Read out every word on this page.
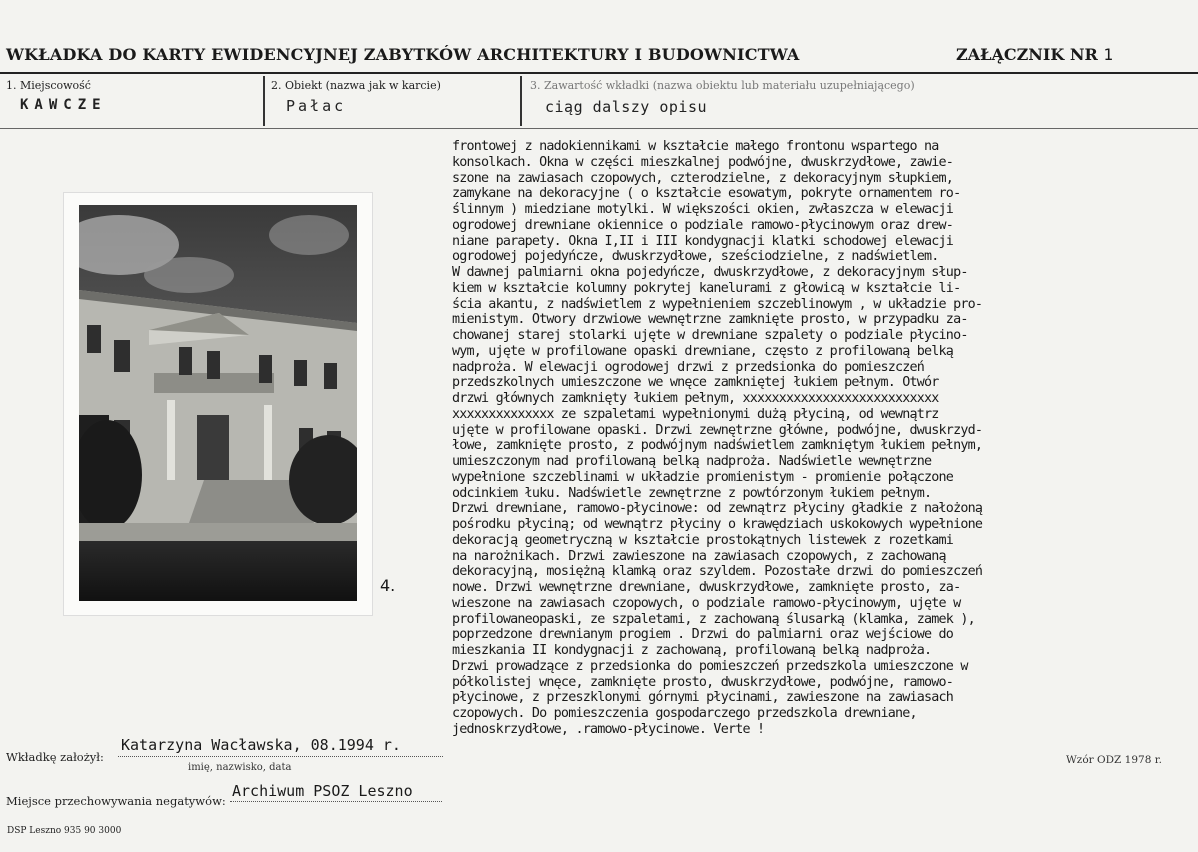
WKŁADKA DO KARTY EWIDENCYJNEJ ZABYTKÓW ARCHITEKTURY I BUDOWNICTWA	ZAŁĄCZNIK NR 1
1. Miejscowość
KAWCZE
2. Obiekt (nazwa jak w karcie)
Pałac
3. Zawartość wkładki (nazwa obiektu lub materiału uzupełniającego)
ciąg dalszy opisu
4.
frontowej z nadokiennikami w kształcie małego frontonu wspartego na
konsolkach. Okna w części mieszkalnej podwójne, dwuskrzydłowe, zawie-
szone na zawiasach czopowych, czterodzielne, z dekoracyjnym słupkiem,
zamykane na dekoracyjne ( o kształcie esowatym, pokryte ornamentem ro-
ślinnym ) miedziane motylki. W większości okien, zwłaszcza w elewacji
ogrodowej drewniane okiennice o podziale ramowo-płycinowym oraz drew-
niane parapety. Okna I,II i III kondygnacji klatki schodowej elewacji
ogrodowej pojedyńcze, dwuskrzydłowe, sześciodzielne, z nadświetlem.
W dawnej palmiarni okna pojedyńcze, dwuskrzydłowe, z dekoracyjnym słup-
kiem w kształcie kolumny pokrytej kanelurami z głowicą w kształcie li-
ścia akantu, z nadświetlem z wypełnieniem szczeblinowym , w układzie pro-
mienistym. Otwory drzwiowe wewnętrzne zamknięte prosto, w przypadku za-
chowanej starej stolarki ujęte w drewniane szpalety o podziale płycino-
wym, ujęte w profilowane opaski drewniane, często z profilowaną belką
nadproża. W elewacji ogrodowej drzwi z przedsionka do pomieszczeń
przedszkolnych umieszczone we wnęce zamkniętej łukiem pełnym. Otwór
drzwi głównych zamknięty łukiem pełnym, xxxxxxxxxxxxxxxxxxxxxxxxxxx
xxxxxxxxxxxxxx ze szpaletami wypełnionymi dużą płyciną, od wewnątrz
ujęte w profilowane opaski. Drzwi zewnętrzne główne, podwójne, dwuskrzyd-
łowe, zamknięte prosto, z podwójnym nadświetlem zamkniętym łukiem pełnym,
umieszczonym nad profilowaną belką nadproża. Nadświetle wewnętrzne
wypełnione szczeblinami w układzie promienistym - promienie połączone
odcinkiem łuku. Nadświetle zewnętrzne z powtórzonym łukiem pełnym.
Drzwi drewniane, ramowo-płycinowe: od zewnątrz płyciny gładkie z nałożoną
pośrodku płyciną; od wewnątrz płyciny o krawędziach uskokowych wypełnione
dekoracją geometryczną w kształcie prostokątnych listewek z rozetkami
na narożnikach. Drzwi zawieszone na zawiasach czopowych, z zachowaną
dekoracyjną, mosiężną klamką oraz szyldem. Pozostałe drzwi do pomieszczeń
nowe. Drzwi wewnętrzne drewniane, dwuskrzydłowe, zamknięte prosto, za-
wieszone na zawiasach czopowych, o podziale ramowo-płycinowym, ujęte w
profilowaneopaski, ze szpaletami, z zachowaną ślusarką (klamka, zamek ),
poprzedzone drewnianym progiem . Drzwi do palmiarni oraz wejściowe do
mieszkania II kondygnacji z zachowaną, profilowaną belką nadproża.
Drzwi prowadzące z przedsionka do pomieszczeń przedszkola umieszczone w
półkolistej wnęce, zamknięte prosto, dwuskrzydłowe, podwójne, ramowo-
płycinowe, z przeszklonymi górnymi płycinami, zawieszone na zawiasach
czopowych. Do pomieszczenia gospodarczego przedszkola drewniane,
jednoskrzydłowe, .ramowo-płycinowe. Verte !
Wkładkę założył:
Katarzyna Wacławska, 08.1994 r.
imię, nazwisko, data
Miejsce przechowywania negatywów:
Archiwum PSOZ Leszno
Wzór ODZ 1978 r.
DSP Leszno 935 90 3000
